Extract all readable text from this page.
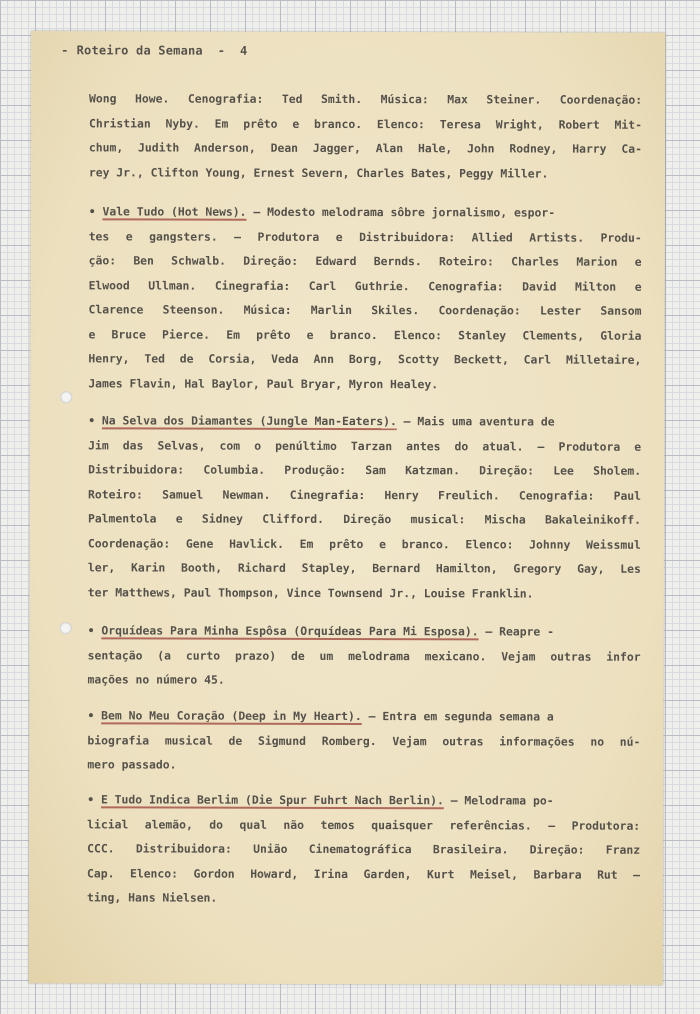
- Roteiro da Semana - 4
Wong Howe. Cenografia: Ted Smith. Música: Max Steiner. Coordenação:
Christian Nyby. Em prêto e branco. Elenco: Teresa Wright, Robert Mit-
chum, Judith Anderson, Dean Jagger, Alan Hale, John Rodney, Harry Ca-
rey Jr., Clifton Young, Ernest Severn, Charles Bates, Peggy Miller.
• Vale Tudo (Hot News). — Modesto melodrama sôbre jornalismo, espor-
tes e gangsters. — Produtora e Distribuidora: Allied Artists. Produ-
ção: Ben Schwalb. Direção: Edward Bernds. Roteiro: Charles Marion e
Elwood Ullman. Cinegrafia: Carl Guthrie. Cenografia: David Milton e
Clarence Steenson. Música: Marlin Skiles. Coordenação: Lester Sansom
e Bruce Pierce. Em prêto e branco. Elenco: Stanley Clements, Gloria
Henry, Ted de Corsia, Veda Ann Borg, Scotty Beckett, Carl Milletaire,
James Flavin, Hal Baylor, Paul Bryar, Myron Healey.
• Na Selva dos Diamantes (Jungle Man-Eaters). — Mais uma aventura de
Jim das Selvas, com o penúltimo Tarzan antes do atual. — Produtora e
Distribuidora: Columbia. Produção: Sam Katzman. Direção: Lee Sholem.
Roteiro: Samuel Newman. Cinegrafia: Henry Freulich. Cenografia: Paul
Palmentola e Sidney Clifford. Direção musical: Mischa Bakaleinikoff.
Coordenação: Gene Havlick. Em prêto e branco. Elenco: Johnny Weissmul
ler, Karin Booth, Richard Stapley, Bernard Hamilton, Gregory Gay, Les
ter Matthews, Paul Thompson, Vince Townsend Jr., Louise Franklin.
• Orquídeas Para Minha Espôsa (Orquídeas Para Mi Esposa). — Reapre -
sentação (a curto prazo) de um melodrama mexicano. Vejam outras infor
mações no número 45.
• Bem No Meu Coração (Deep in My Heart). — Entra em segunda semana a
biografia musical de Sigmund Romberg. Vejam outras informações no nú-
mero passado.
• E Tudo Indica Berlim (Die Spur Fuhrt Nach Berlin). — Melodrama po-
licial alemão, do qual não temos quaisquer referências. — Produtora:
CCC. Distribuidora: União Cinematográfica Brasileira. Direção: Franz
Cap. Elenco: Gordon Howard, Irina Garden, Kurt Meisel, Barbara Rut —
ting, Hans Nielsen.
